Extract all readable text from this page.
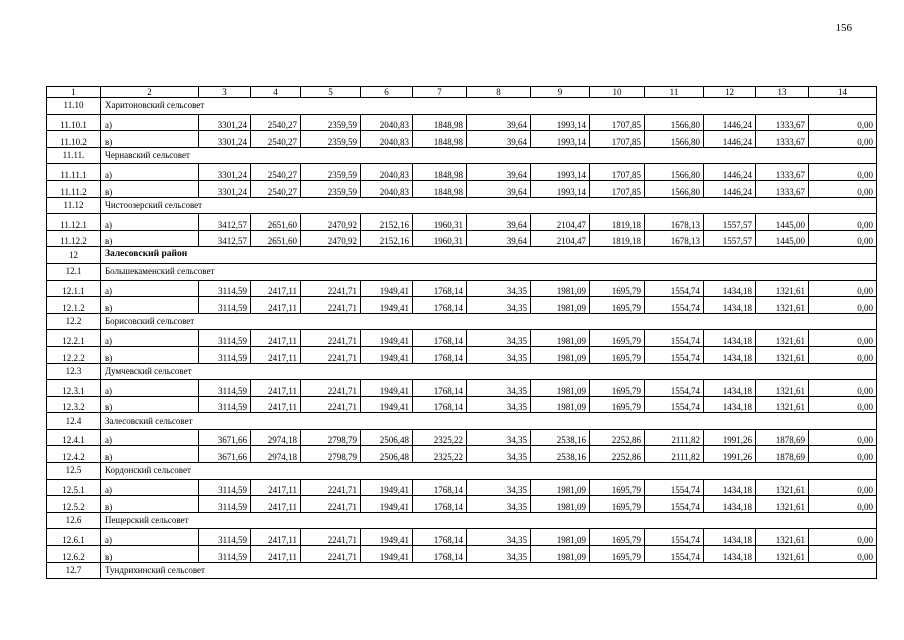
156
1	2	3	4	5	6	7	8	9	10	11	12	13	14
11.10	Харитоновский сельсовет												
11.10.1	а)	3301,24	2540,27	2359,59	2040,83	1848,98	39,64	1993,14	1707,85	1566,80	1446,24	1333,67	0,00
11.10.2	в)	3301,24	2540,27	2359,59	2040,83	1848,98	39,64	1993,14	1707,85	1566,80	1446,24	1333,67	0,00
11.11.	Чернавский сельсовет												
11.11.1	а)	3301,24	2540,27	2359,59	2040,83	1848,98	39,64	1993,14	1707,85	1566,80	1446,24	1333,67	0,00
11.11.2	в)	3301,24	2540,27	2359,59	2040,83	1848,98	39,64	1993,14	1707,85	1566,80	1446,24	1333,67	0,00
11.12	Чистоозерский сельсовет												
11.12.1	а)	3412,57	2651,60	2470,92	2152,16	1960,31	39,64	2104,47	1819,18	1678,13	1557,57	1445,00	0,00
11.12.2	в)	3412,57	2651,60	2470,92	2152,16	1960,31	39,64	2104,47	1819,18	1678,13	1557,57	1445,00	0,00
12	Залесовский район												
12.1	Большекаменский сельсовет												
12.1.1	а)	3114,59	2417,11	2241,71	1949,41	1768,14	34,35	1981,09	1695,79	1554,74	1434,18	1321,61	0,00
12.1.2	в)	3114,59	2417,11	2241,71	1949,41	1768,14	34,35	1981,09	1695,79	1554,74	1434,18	1321,61	0,00
12.2	Борисовский сельсовет												
12.2.1	а)	3114,59	2417,11	2241,71	1949,41	1768,14	34,35	1981,09	1695,79	1554,74	1434,18	1321,61	0,00
12.2.2	в)	3114,59	2417,11	2241,71	1949,41	1768,14	34,35	1981,09	1695,79	1554,74	1434,18	1321,61	0,00
12.3	Думчевский сельсовет												
12.3.1	а)	3114,59	2417,11	2241,71	1949,41	1768,14	34,35	1981,09	1695,79	1554,74	1434,18	1321,61	0,00
12.3.2	в)	3114,59	2417,11	2241,71	1949,41	1768,14	34,35	1981,09	1695,79	1554,74	1434,18	1321,61	0,00
12.4	Залесовский сельсовет												
12.4.1	а)	3671,66	2974,18	2798,79	2506,48	2325,22	34,35	2538,16	2252,86	2111,82	1991,26	1878,69	0,00
12.4.2	в)	3671,66	2974,18	2798,79	2506,48	2325,22	34,35	2538,16	2252,86	2111,82	1991,26	1878,69	0,00
12.5	Кордонский сельсовет												
12.5.1	а)	3114,59	2417,11	2241,71	1949,41	1768,14	34,35	1981,09	1695,79	1554,74	1434,18	1321,61	0,00
12.5.2	в)	3114,59	2417,11	2241,71	1949,41	1768,14	34,35	1981,09	1695,79	1554,74	1434,18	1321,61	0,00
12.6	Пещерский сельсовет												
12.6.1	а)	3114,59	2417,11	2241,71	1949,41	1768,14	34,35	1981,09	1695,79	1554,74	1434,18	1321,61	0,00
12.6.2	в)	3114,59	2417,11	2241,71	1949,41	1768,14	34,35	1981,09	1695,79	1554,74	1434,18	1321,61	0,00
12.7	Тундрихинский сельсовет												
